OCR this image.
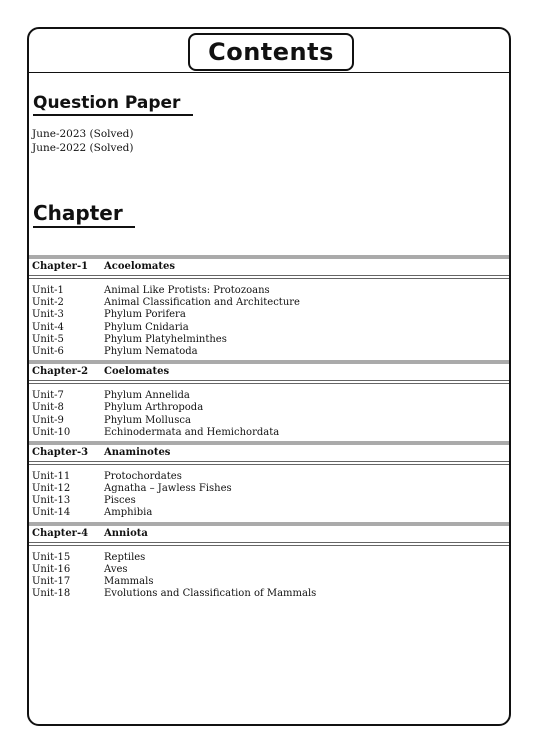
Contents
Question Paper
June-2023 (Solved)
June-2022 (Solved)
Chapter
Chapter-1 Acoelomates
Unit-1	Animal Like Protists: Protozoans
Unit-2	Animal Classification and Architecture
Unit-3	Phylum Porifera
Unit-4	Phylum Cnidaria
Unit-5	Phylum Platyhelminthes
Unit-6	Phylum Nematoda
Chapter-2 Coelomates
Unit-7	Phylum Annelida
Unit-8	Phylum Arthropoda
Unit-9	Phylum Mollusca
Unit-10	Echinodermata and Hemichordata
Chapter-3 Anaminotes
Unit-11	Protochordates
Unit-12	Agnatha – Jawless Fishes
Unit-13	Pisces
Unit-14	Amphibia
Chapter-4 Anniota
Unit-15	Reptiles
Unit-16	Aves
Unit-17	Mammals
Unit-18	Evolutions and Classification of Mammals
